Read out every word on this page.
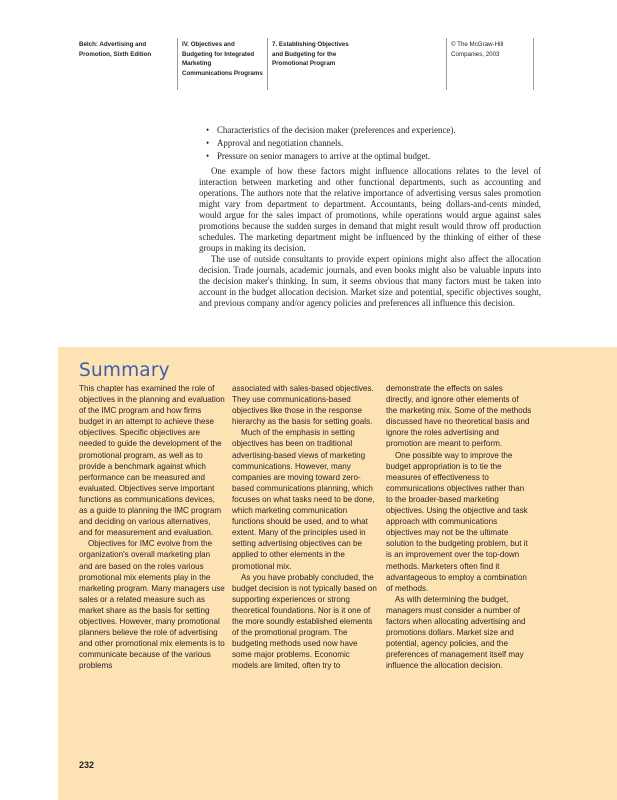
Belch: Advertising and
Promotion, Sixth Edition
IV. Objectives and
Budgeting for Integrated
Marketing
Communications Programs
7. Establishing Objectives
and Budgeting for the
Promotional Program
© The McGraw-Hill
Companies, 2003
• Characteristics of the decision maker (preferences and experience).
• Approval and negotiation channels.
• Pressure on senior managers to arrive at the optimal budget.

One example of how these factors might influence allocations relates to the level of interaction between marketing and other functional departments, such as accounting and operations. The authors note that the relative importance of advertising versus sales promotion might vary from department to department. Accountants, being dollars-and-cents minded, would argue for the sales impact of promotions, while operations would argue against sales promotions because the sudden surges in demand that might result would throw off production schedules. The marketing department might be influenced by the thinking of either of these groups in making its decision.

The use of outside consultants to provide expert opinions might also affect the allocation decision. Trade journals, academic journals, and even books might also be valuable inputs into the decision maker's thinking. In sum, it seems obvious that many factors must be taken into account in the budget allocation decision. Market size and potential, specific objectives sought, and previous company and/or agency policies and preferences all influence this decision.

Summary

This chapter has examined the role of objectives in the planning and evaluation of the IMC program and how firms budget in an attempt to achieve these objectives. Specific objectives are needed to guide the development of the promotional program, as well as to provide a benchmark against which performance can be measured and evaluated. Objectives serve important functions as communications devices, as a guide to planning the IMC program and deciding on various alternatives, and for measurement and evaluation.

Objectives for IMC evolve from the organization's overall marketing plan and are based on the roles various promotional mix elements play in the marketing program. Many managers use sales or a related measure such as market share as the basis for setting objectives. However, many promotional planners believe the role of advertising and other promotional mix elements is to communicate because of the various problems

associated with sales-based objectives. They use communications-based objectives like those in the response hierarchy as the basis for setting goals.

Much of the emphasis in setting objectives has been on traditional advertising-based views of marketing communications. However, many companies are moving toward zero-based communications planning, which focuses on what tasks need to be done, which marketing communication functions should be used, and to what extent. Many of the principles used in setting advertising objectives can be applied to other elements in the promotional mix.

As you have probably concluded, the budget decision is not typically based on supporting experiences or strong theoretical foundations. Nor is it one of the more soundly established elements of the promotional program. The budgeting methods used now have some major problems. Economic models are limited, often try to

demonstrate the effects on sales directly, and ignore other elements of the marketing mix. Some of the methods discussed have no theoretical basis and ignore the roles advertising and promotion are meant to perform.

One possible way to improve the budget appropriation is to tie the measures of effectiveness to communications objectives rather than to the broader-based marketing objectives. Using the objective and task approach with communications objectives may not be the ultimate solution to the budgeting problem, but it is an improvement over the top-down methods. Marketers often find it advantageous to employ a combination of methods.

As with determining the budget, managers must consider a number of factors when allocating advertising and promotions dollars. Market size and potential, agency policies, and the preferences of management itself may influence the allocation decision.

232
